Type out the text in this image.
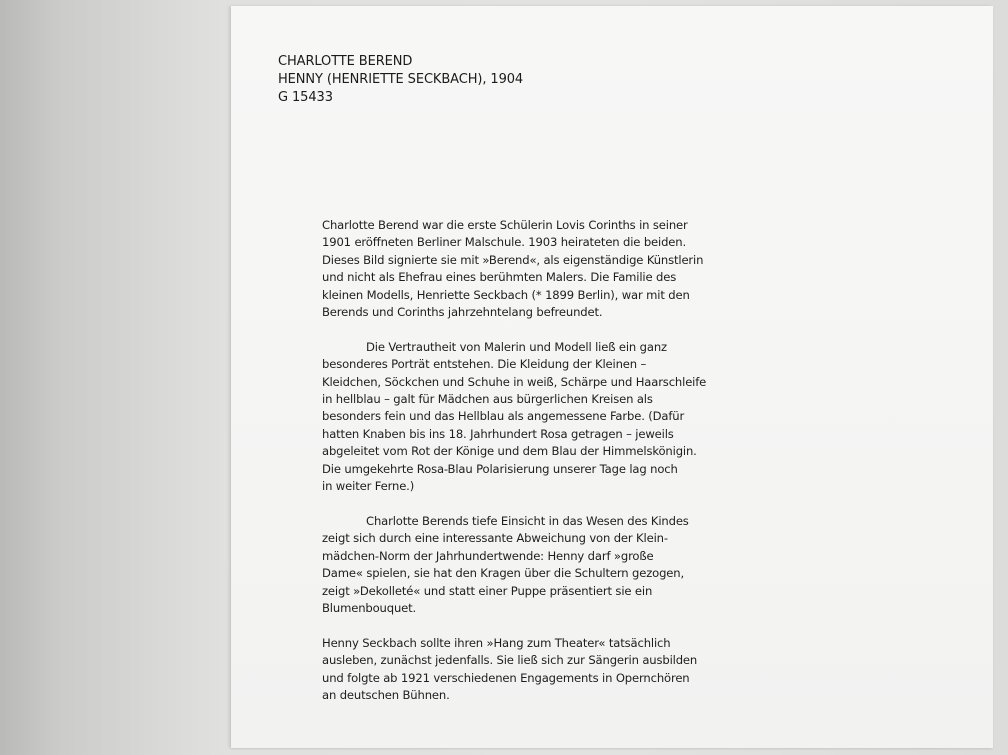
CHARLOTTE BEREND
HENNY (HENRIETTE SECKBACH), 1904
G 15433
Charlotte Berend war die erste Schülerin Lovis Corinths in seiner
1901 eröffneten Berliner Malschule. 1903 heirateten die beiden.
Dieses Bild signierte sie mit »Berend«, als eigenständige Künstlerin
und nicht als Ehefrau eines berühmten Malers. Die Familie des
kleinen Modells, Henriette Seckbach (* 1899 Berlin), war mit den
Berends und Corinths jahrzehntelang befreundet.
Die Vertrautheit von Malerin und Modell ließ ein ganz
besonderes Porträt entstehen. Die Kleidung der Kleinen –
Kleidchen, Söckchen und Schuhe in weiß, Schärpe und Haarschleife
in hellblau – galt für Mädchen aus bürgerlichen Kreisen als
besonders fein und das Hellblau als angemessene Farbe. (Dafür
hatten Knaben bis ins 18. Jahrhundert Rosa getragen – jeweils
abgeleitet vom Rot der Könige und dem Blau der Himmelskönigin.
Die umgekehrte Rosa-Blau Polarisierung unserer Tage lag noch
in weiter Ferne.)
Charlotte Berends tiefe Einsicht in das Wesen des Kindes
zeigt sich durch eine interessante Abweichung von der Klein-
mädchen-Norm der Jahrhundertwende: Henny darf »große
Dame« spielen, sie hat den Kragen über die Schultern gezogen,
zeigt »Dekolleté« und statt einer Puppe präsentiert sie ein
Blumenbouquet.
Henny Seckbach sollte ihren »Hang zum Theater« tatsächlich
ausleben, zunächst jedenfalls. Sie ließ sich zur Sängerin ausbilden
und folgte ab 1921 verschiedenen Engagements in Opernchören
an deutschen Bühnen.
